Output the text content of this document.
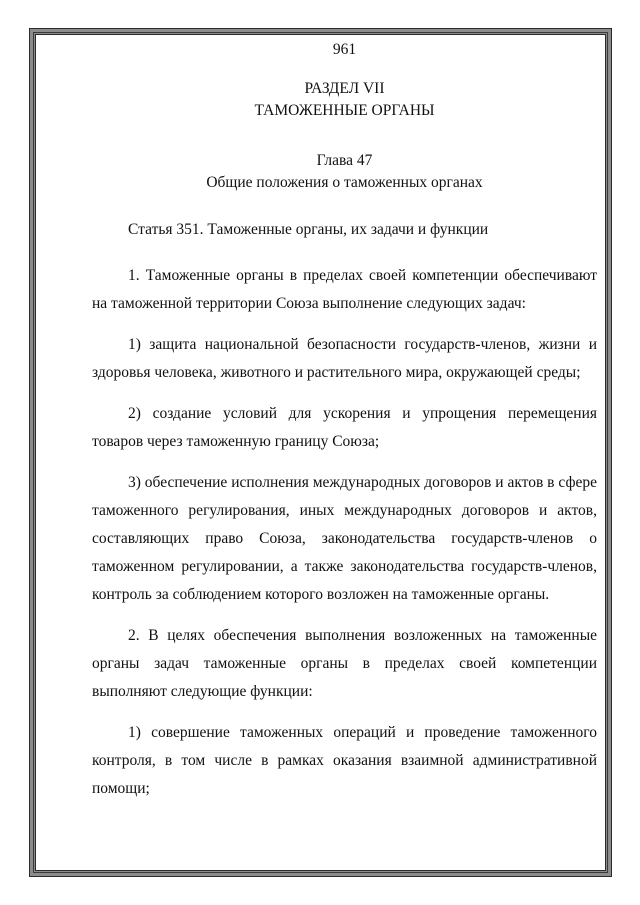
961
РАЗДЕЛ VII
ТАМОЖЕННЫЕ ОРГАНЫ
Глава 47
Общие положения о таможенных органах
Статья 351. Таможенные органы, их задачи и функции
1. Таможенные органы в пределах своей компетенции обеспечивают на таможенной территории Союза выполнение следующих задач:
1) защита национальной безопасности государств-членов, жизни и здоровья человека, животного и растительного мира, окружающей среды;
2) создание условий для ускорения и упрощения перемещения товаров через таможенную границу Союза;
3) обеспечение исполнения международных договоров и актов в сфере таможенного регулирования, иных международных договоров и актов, составляющих право Союза, законодательства государств-членов о таможенном регулировании, а также законодательства государств-членов, контроль за соблюдением которого возложен на таможенные органы.
2. В целях обеспечения выполнения возложенных на таможенные органы задач таможенные органы в пределах своей компетенции выполняют следующие функции:
1) совершение таможенных операций и проведение таможенного контроля, в том числе в рамках оказания взаимной административной помощи;
